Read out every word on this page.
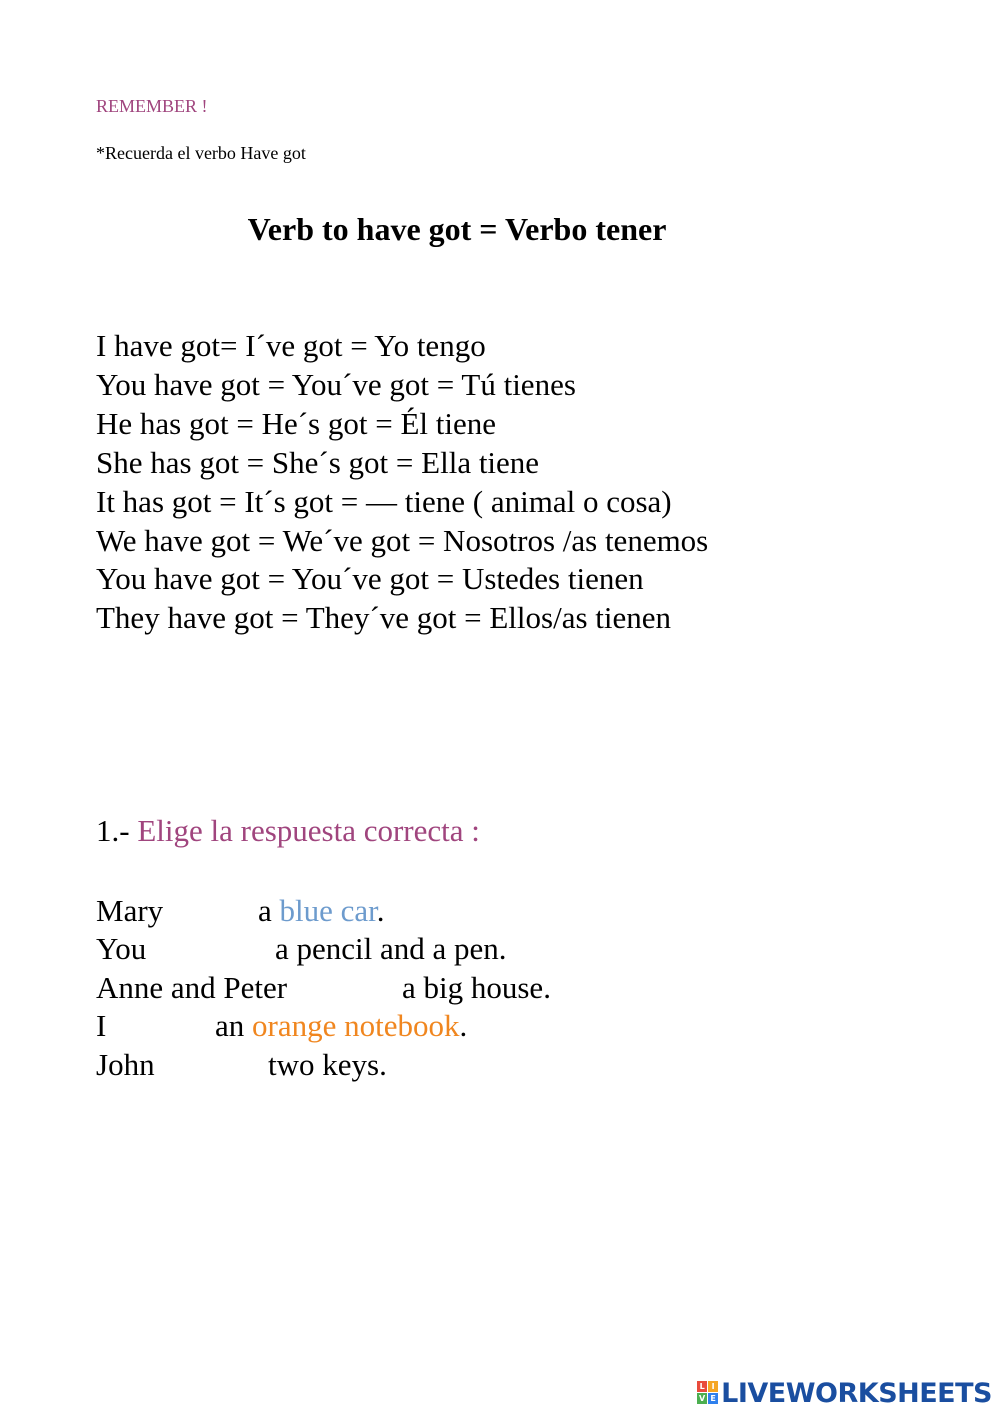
REMEMBER !
*Recuerda el verbo Have got
Verb to have got = Verbo tener
I have got= I´ve got = Yo tengo
You have got = You´ve got = Tú tienes
He has got = He´s got = Él tiene
She has got = She´s got = Ella tiene
It has got = It´s got = — tiene ( animal o cosa)
We have got = We´ve got = Nosotros /as tenemos
You have got = You´ve got = Ustedes tienen
They have got = They´ve got = Ellos/as tienen
1.- Elige la respuesta correcta :
Mary	a blue car.
You	a pencil and a pen.
Anne and Peter	a big house.
I	an orange notebook.
John	two keys.
L I
V E LIVEWORKSHEETS
